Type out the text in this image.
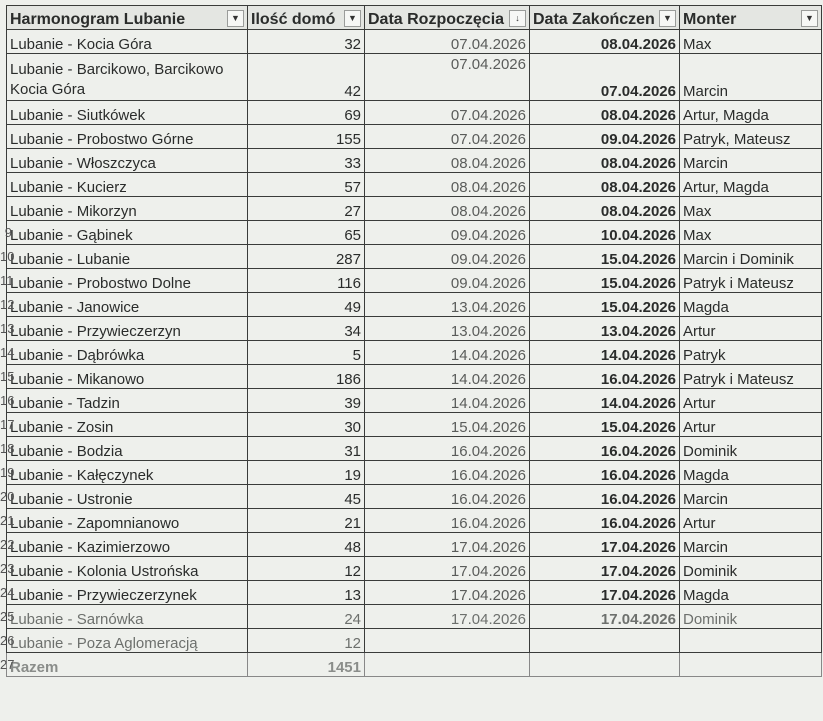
Harmonogram Lubanie ▼	Ilość domó ▼	Data Rozpoczęcia ↓	Data Zakończen ▼	Monter ▼

Lubanie - Kocia Góra	32	07.04.2026	08.04.2026	Max
Lubanie - Barcikowo, Barcikowo Kocia Góra	42	07.04.2026	07.04.2026	Marcin
Lubanie - Siutkówek	69	07.04.2026	08.04.2026	Artur, Magda
Lubanie - Probostwo Górne	155	07.04.2026	09.04.2026	Patryk, Mateusz
Lubanie - Włoszczyca	33	08.04.2026	08.04.2026	Marcin
Lubanie - Kucierz	57	08.04.2026	08.04.2026	Artur, Magda
Lubanie - Mikorzyn	27	08.04.2026	08.04.2026	Max
Lubanie - Gąbinek	65	09.04.2026	10.04.2026	Max
Lubanie - Lubanie	287	09.04.2026	15.04.2026	Marcin i Dominik
Lubanie - Probostwo Dolne	116	09.04.2026	15.04.2026	Patryk i Mateusz
Lubanie - Janowice	49	13.04.2026	15.04.2026	Magda
Lubanie - Przywieczerzyn	34	13.04.2026	13.04.2026	Artur
Lubanie - Dąbrówka	5	14.04.2026	14.04.2026	Patryk
Lubanie - Mikanowo	186	14.04.2026	16.04.2026	Patryk i Mateusz
Lubanie - Tadzin	39	14.04.2026	14.04.2026	Artur
Lubanie - Zosin	30	15.04.2026	15.04.2026	Artur
Lubanie - Bodzia	31	16.04.2026	16.04.2026	Dominik
Lubanie - Kałęczynek	19	16.04.2026	16.04.2026	Magda
Lubanie - Ustronie	45	16.04.2026	16.04.2026	Marcin
Lubanie - Zapomnianowo	21	16.04.2026	16.04.2026	Artur
Lubanie - Kazimierzowo	48	17.04.2026	17.04.2026	Marcin
Lubanie - Kolonia Ustrońska	12	17.04.2026	17.04.2026	Dominik
Lubanie - Przywieczerzynek	13	17.04.2026	17.04.2026	Magda
Lubanie - Sarnówka	24	17.04.2026	17.04.2026	Dominik
Lubanie - Poza Aglomeracją	12			
Razem	1451			
9
10
11
12
13
14
15
16
17
18
19
20
21
22
23
24
25
26
27
